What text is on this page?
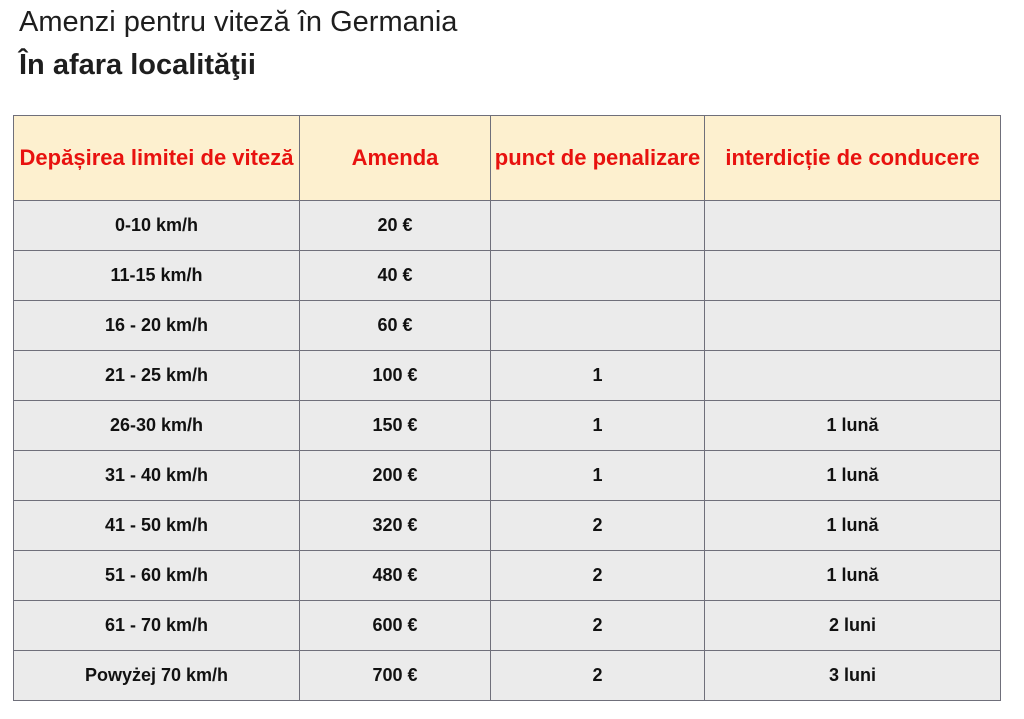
Amenzi pentru viteză în Germania
În afara localităţii
Depășirea limitei de viteză	Amenda	punct de penalizare	interdicție de conducere
0-10 km/h	20 €		
11-15 km/h	40 €		
16 - 20 km/h	60 €		
21 - 25 km/h	100 €	1	
26-30 km/h	150 €	1	1 lună
31 - 40 km/h	200 €	1	1 lună
41 - 50 km/h	320 €	2	1 lună
51 - 60 km/h	480 €	2	1 lună
61 - 70 km/h	600 €	2	2 luni
Powyżej 70 km/h	700 €	2	3 luni
